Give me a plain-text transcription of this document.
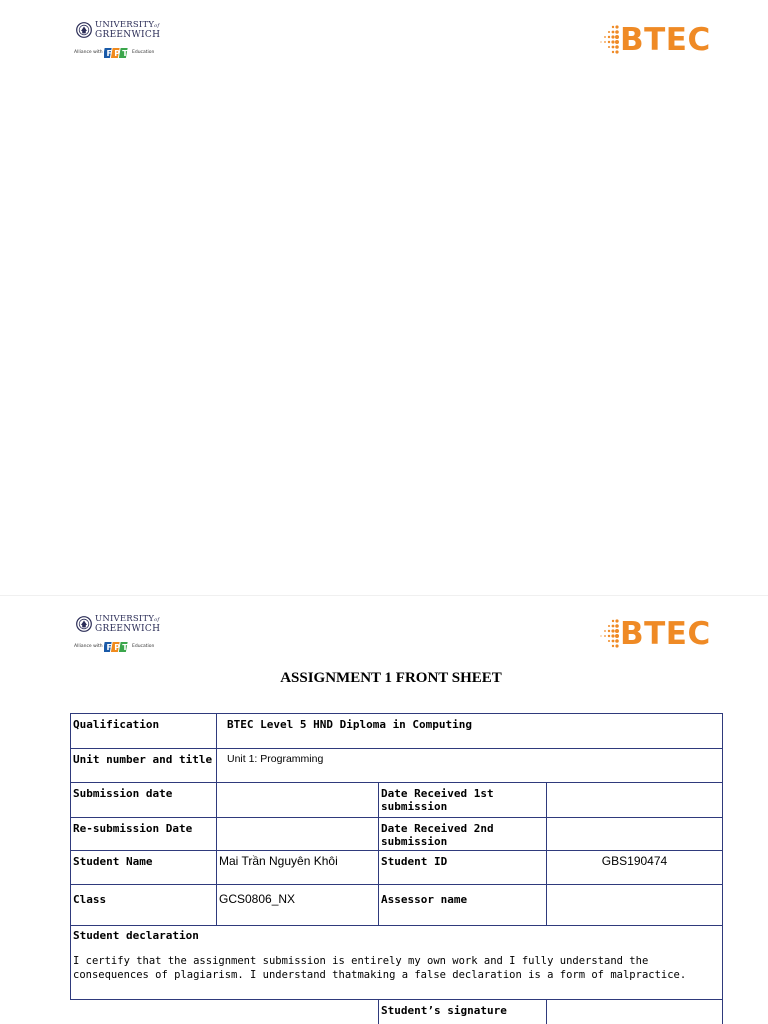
UNIVERSITYof
GREENWICH
Alliance with F P T Education	BTEC
UNIVERSITYof
GREENWICH
Alliance with F P T Education	BTEC
ASSIGNMENT 1 FRONT SHEET
Qualification	BTEC Level 5 HND Diploma in Computing		

Unit number and title	Unit 1: Programming		

Submission date		Date Received 1st submission	

Re-submission Date		Date Received 2nd submission	

Student Name	Mai Trần Nguyên Khôi	Student ID	GBS190474

Class	GCS0806_NX	Assessor name	

Student declaration
I certify that the assignment submission is entirely my own work and I fully understand the consequences of plagiarism. I understand thatmaking a false declaration is a form of malpractice.			

		Student’s signature	
